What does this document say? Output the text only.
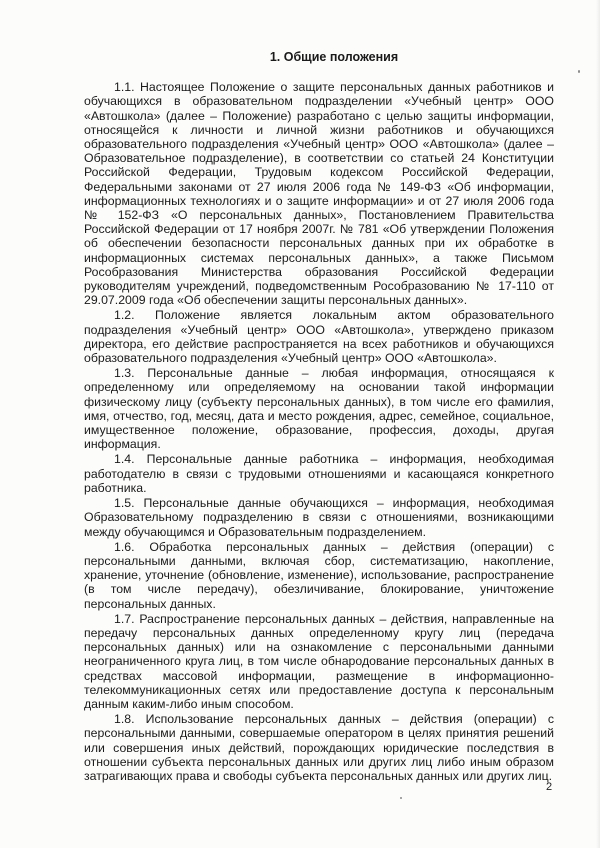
1. Общие положения

1.1. Настоящее Положение о защите персональных данных работников и обучающихся в образовательном подразделении «Учебный центр» ООО «Автошкола» (далее – Положение) разработано с целью защиты информации, относящейся к личности и личной жизни работников и обучающихся образовательного подразделения «Учебный центр» ООО «Автошкола» (далее – Образовательное подразделение), в соответствии со статьей 24 Конституции Российской Федерации, Трудовым кодексом Российской Федерации, Федеральными законами от 27 июля 2006 года № 149-ФЗ «Об информации, информационных технологиях и о защите информации» и от 27 июля 2006 года № 152-ФЗ «О персональных данных», Постановлением Правительства Российской Федерации от 17 ноября 2007г. № 781 «Об утверждении Положения об обеспечении безопасности персональных данных при их обработке в информационных системах персональных данных», а также Письмом Рособразования Министерства образования Российской Федерации руководителям учреждений, подведомственным Рособразованию № 17-110 от 29.07.2009 года «Об обеспечении защиты персональных данных».

1.2. Положение является локальным актом образовательного подразделения «Учебный центр» ООО «Автошкола», утверждено приказом директора, его действие распространяется на всех работников и обучающихся образовательного подразделения «Учебный центр» ООО «Автошкола».

1.3. Персональные данные – любая информация, относящаяся к определенному или определяемому на основании такой информации физическому лицу (субъекту персональных данных), в том числе его фамилия, имя, отчество, год, месяц, дата и место рождения, адрес, семейное, социальное, имущественное положение, образование, профессия, доходы, другая информация.

1.4. Персональные данные работника – информация, необходимая работодателю в связи с трудовыми отношениями и касающаяся конкретного работника.

1.5. Персональные данные обучающихся – информация, необходимая Образовательному подразделению в связи с отношениями, возникающими между обучающимся и Образовательным подразделением.

1.6. Обработка персональных данных – действия (операции) с персональными данными, включая сбор, систематизацию, накопление, хранение, уточнение (обновление, изменение), использование, распространение (в том числе передачу), обезличивание, блокирование, уничтожение персональных данных.

1.7. Распространение персональных данных – действия, направленные на передачу персональных данных определенному кругу лиц (передача персональных данных) или на ознакомление с персональными данными неограниченного круга лиц, в том числе обнародование персональных данных в средствах массовой информации, размещение в информационно-телекоммуникационных сетях или предоставление доступа к персональным данным каким-либо иным способом.

1.8. Использование персональных данных – действия (операции) с персональными данными, совершаемые оператором в целях принятия решений или совершения иных действий, порождающих юридические последствия в отношении субъекта персональных данных или других лиц либо иным образом затрагивающих права и свободы субъекта персональных данных или других лиц.

2
